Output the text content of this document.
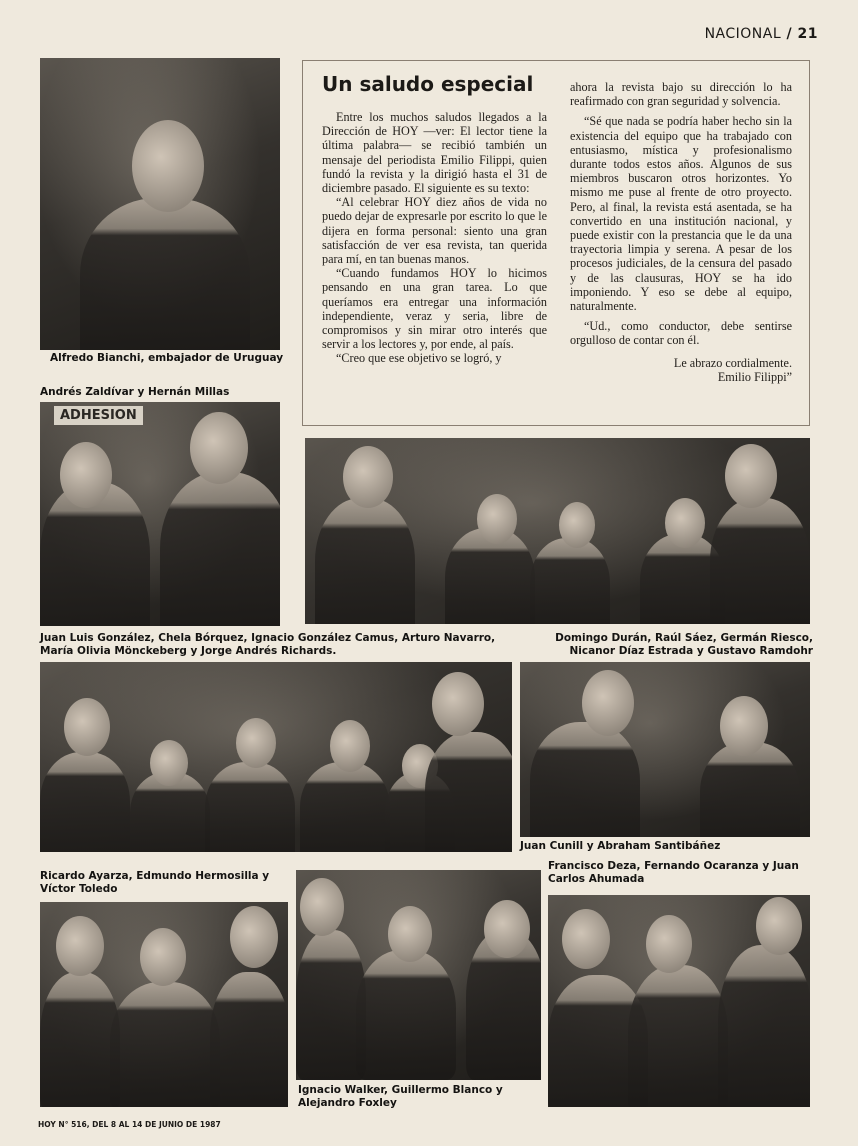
NACIONAL / 21
Alfredo Bianchi, embajador de Uruguay
Andrés Zaldívar y Hernán Millas
ADHESION
Un saludo especial

Entre los muchos saludos llegados a la Dirección de HOY —ver: El lector tiene la última palabra— se recibió también un mensaje del periodista Emilio Filippi, quien fundó la revista y la dirigió hasta el 31 de diciembre pasado. El siguiente es su texto:

“Al celebrar HOY diez años de vida no puedo dejar de expresarle por escrito lo que le dijera en forma personal: siento una gran satisfacción de ver esa revista, tan querida para mí, en tan buenas manos.

“Cuando fundamos HOY lo hicimos pensando en una gran tarea. Lo que queríamos era entregar una información independiente, veraz y seria, libre de compromisos y sin mirar otro interés que servir a los lectores y, por ende, al país.

“Creo que ese objetivo se logró, y

ahora la revista bajo su dirección lo ha reafirmado con gran seguridad y solvencia.

“Sé que nada se podría haber hecho sin la existencia del equipo que ha trabajado con entusiasmo, mística y profesionalismo durante todos estos años. Algunos de sus miembros buscaron otros horizontes. Yo mismo me puse al frente de otro proyecto. Pero, al final, la revista está asentada, se ha convertido en una institución nacional, y puede existir con la prestancia que le da una trayectoria limpia y serena. A pesar de los procesos judiciales, de la censura del pasado y de las clausuras, HOY se ha ido imponiendo. Y eso se debe al equipo, naturalmente.

“Ud., como conductor, debe sentirse orgulloso de contar con él.

Le abrazo cordialmente.

Emilio Filippi”

Juan Luis González, Chela Bórquez, Ignacio González Camus, Arturo Navarro, María Olivia Mönckeberg y Jorge Andrés Richards.
Domingo Durán, Raúl Sáez, Germán Riesco, Nicanor Díaz Estrada y Gustavo Ramdohr
Juan Cunill y Abraham Santibáñez
Ricardo Ayarza, Edmundo Hermosilla y Víctor Toledo
Francisco Deza, Fernando Ocaranza y Juan Carlos Ahumada
Ignacio Walker, Guillermo Blanco y Alejandro Foxley
HOY N° 516, DEL 8 AL 14 DE JUNIO DE 1987
